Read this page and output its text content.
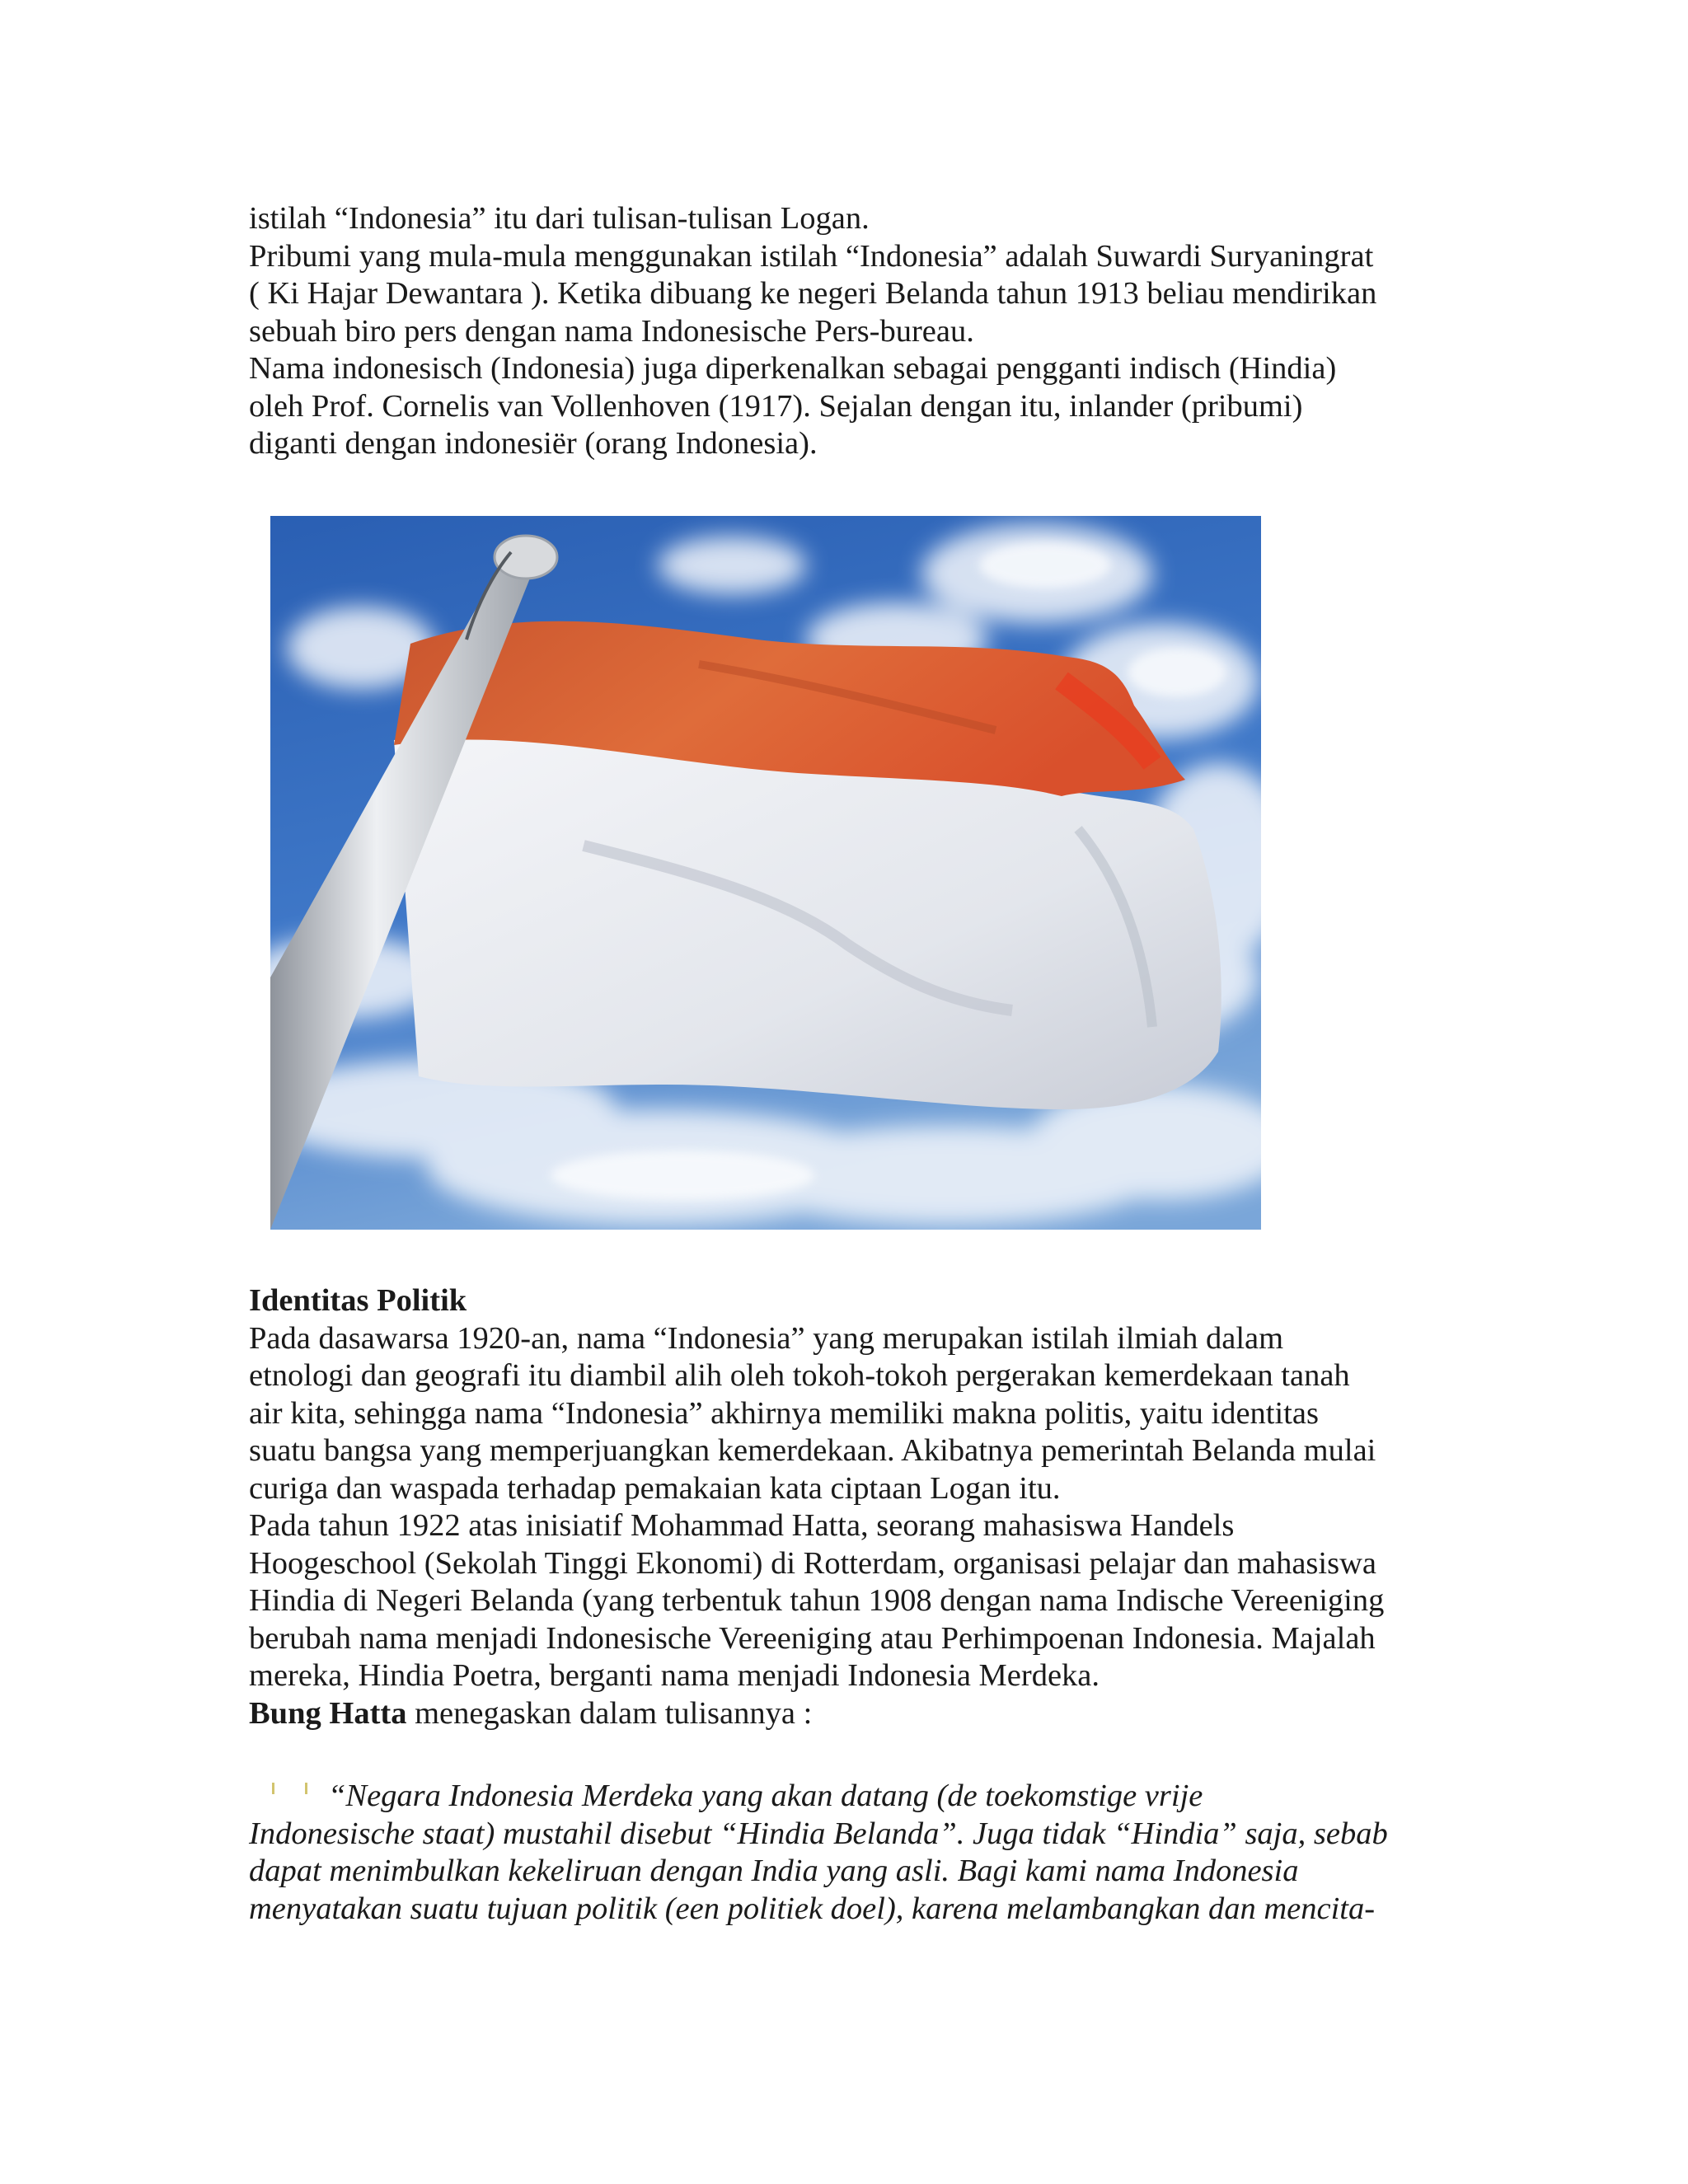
istilah “Indonesia” itu dari tulisan-tulisan Logan.
Pribumi yang mula-mula menggunakan istilah “Indonesia” adalah Suwardi Suryaningrat
( Ki Hajar Dewantara ). Ketika dibuang ke negeri Belanda tahun 1913 beliau mendirikan
sebuah biro pers dengan nama Indonesische Pers-bureau.
Nama indonesisch (Indonesia) juga diperkenalkan sebagai pengganti indisch (Hindia)
oleh Prof. Cornelis van Vollenhoven (1917). Sejalan dengan itu, inlander (pribumi)
diganti dengan indonesiër (orang Indonesia).
Identitas Politik
Pada dasawarsa 1920-an, nama “Indonesia” yang merupakan istilah ilmiah dalam
etnologi dan geografi itu diambil alih oleh tokoh-tokoh pergerakan kemerdekaan tanah
air kita, sehingga nama “Indonesia” akhirnya memiliki makna politis, yaitu identitas
suatu bangsa yang memperjuangkan kemerdekaan. Akibatnya pemerintah Belanda mulai
curiga dan waspada terhadap pemakaian kata ciptaan Logan itu.
Pada tahun 1922 atas inisiatif Mohammad Hatta, seorang mahasiswa Handels
Hoogeschool (Sekolah Tinggi Ekonomi) di Rotterdam, organisasi pelajar dan mahasiswa
Hindia di Negeri Belanda (yang terbentuk tahun 1908 dengan nama Indische Vereeniging
berubah nama menjadi Indonesische Vereeniging atau Perhimpoenan Indonesia. Majalah
mereka, Hindia Poetra, berganti nama menjadi Indonesia Merdeka.
Bung Hatta menegaskan dalam tulisannya :
“Negara Indonesia Merdeka yang akan datang (de toekomstige vrije
Indonesische staat) mustahil disebut “Hindia Belanda”. Juga tidak “Hindia” saja, sebab
dapat menimbulkan kekeliruan dengan India yang asli. Bagi kami nama Indonesia
menyatakan suatu tujuan politik (een politiek doel), karena melambangkan dan mencita-
